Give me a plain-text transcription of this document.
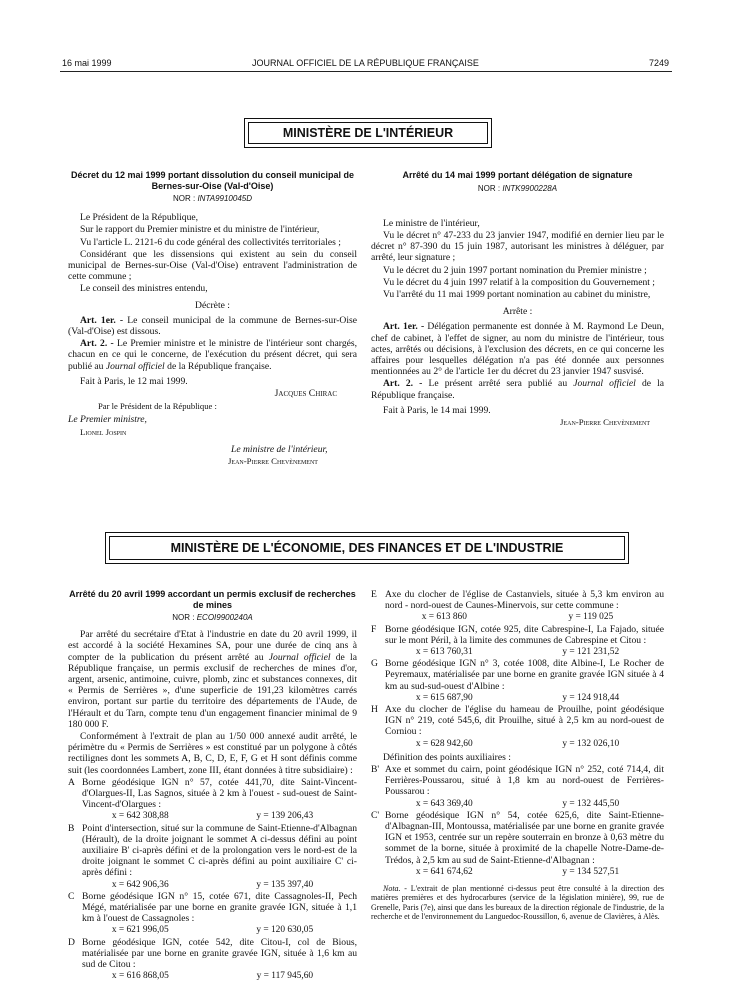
16 mai 1999	JOURNAL OFFICIEL DE LA RÉPUBLIQUE FRANÇAISE	7249
MINISTÈRE DE L'INTÉRIEUR
Décret du 12 mai 1999 portant dissolution du conseil municipal de Bernes-sur-Oise (Val-d'Oise)
NOR : INTA9910045D

Le Président de la République,

Sur le rapport du Premier ministre et du ministre de l'intérieur,

Vu l'article L. 2121-6 du code général des collectivités territoriales ;

Considérant que les dissensions qui existent au sein du conseil municipal de Bernes-sur-Oise (Val-d'Oise) entravent l'administration de cette commune ;

Le conseil des ministres entendu,

Décrète :

Art. 1er. - Le conseil municipal de la commune de Bernes-sur-Oise (Val-d'Oise) est dissous.

Art. 2. - Le Premier ministre et le ministre de l'intérieur sont chargés, chacun en ce qui le concerne, de l'exécution du présent décret, qui sera publié au Journal officiel de la République française.

Fait à Paris, le 12 mai 1999.

Jacques Chirac

Par le Président de la République :

Le Premier ministre,

Lionel Jospin

Le ministre de l'intérieur,

Jean-Pierre Chevènement

Arrêté du 14 mai 1999 portant délégation de signature
NOR : INTK9900228A

Le ministre de l'intérieur,

Vu le décret n° 47-233 du 23 janvier 1947, modifié en dernier lieu par le décret n° 87-390 du 15 juin 1987, autorisant les ministres à déléguer, par arrêté, leur signature ;

Vu le décret du 2 juin 1997 portant nomination du Premier ministre ;

Vu le décret du 4 juin 1997 relatif à la composition du Gouvernement ;

Vu l'arrêté du 11 mai 1999 portant nomination au cabinet du ministre,

Arrête :

Art. 1er. - Délégation permanente est donnée à M. Raymond Le Deun, chef de cabinet, à l'effet de signer, au nom du ministre de l'intérieur, tous actes, arrêtés ou décisions, à l'exclusion des décrets, en ce qui concerne les affaires pour lesquelles délégation n'a pas été donnée aux personnes mentionnées au 2° de l'article 1er du décret du 23 janvier 1947 susvisé.

Art. 2. - Le présent arrêté sera publié au Journal officiel de la République française.

Fait à Paris, le 14 mai 1999.

Jean-Pierre Chevènement

MINISTÈRE DE L'ÉCONOMIE, DES FINANCES ET DE L'INDUSTRIE
Arrêté du 20 avril 1999 accordant un permis exclusif de recherches de mines
NOR : ECOI9900240A

Par arrêté du secrétaire d'Etat à l'industrie en date du 20 avril 1999, il est accordé à la société Hexamines SA, pour une durée de cinq ans à compter de la publication du présent arrêté au Journal officiel de la République française, un permis exclusif de recherches de mines d'or, argent, arsenic, antimoine, cuivre, plomb, zinc et substances connexes, dit « Permis de Serrières », d'une superficie de 191,23 kilomètres carrés environ, portant sur partie du territoire des départements de l'Aude, de l'Hérault et du Tarn, compte tenu d'un engagement financier minimal de 9 180 000 F.

Conformément à l'extrait de plan au 1/50 000 annexé audit arrêté, le périmètre du « Permis de Serrières » est constitué par un polygone à côtés rectilignes dont les sommets A, B, C, D, E, F, G et H sont définis comme suit (les coordonnées Lambert, zone III, étant données à titre subsidiaire) :

A Borne géodésique IGN n° 57, cotée 441,70, dite Saint-Vincent-d'Olargues-II, Las Sagnos, située à 2 km à l'ouest - sud-ouest de Saint-Vincent-d'Olargues :
x = 642 308,88	y = 139 206,43
B Point d'intersection, situé sur la commune de Saint-Etienne-d'Albagnan (Hérault), de la droite joignant le sommet A ci-dessus défini au point auxiliaire B' ci-après défini et de la prolongation vers le nord-est de la droite joignant le sommet C ci-après défini au point auxiliaire C' ci-après défini :
x = 642 906,36	y = 135 397,40
C Borne géodésique IGN n° 15, cotée 671, dite Cassagnoles-II, Pech Mégé, matérialisée par une borne en granite gravée IGN, située à 1,1 km à l'ouest de Cassagnoles :
x = 621 996,05	y = 120 630,05
D Borne géodésique IGN, cotée 542, dite Citou-I, col de Bious, matérialisée par une borne en granite gravée IGN, située à 1,6 km au sud de Citou :
x = 616 868,05	y = 117 945,60
E Axe du clocher de l'église de Castanviels, située à 5,3 km environ au nord - nord-ouest de Caunes-Minervois, sur cette commune :
x = 613 860	y = 119 025
F Borne géodésique IGN, cotée 925, dite Cabrespine-I, La Fajado, située sur le mont Péril, à la limite des communes de Cabrespine et Citou :
x = 613 760,31	y = 121 231,52
G Borne géodésique IGN n° 3, cotée 1008, dite Albine-I, Le Rocher de Peyremaux, matérialisée par une borne en granite gravée IGN située à 4 km au sud-sud-ouest d'Albine :
x = 615 687,90	y = 124 918,44
H Axe du clocher de l'église du hameau de Prouilhe, point géodésique IGN n° 219, coté 545,6, dit Prouilhe, situé à 2,5 km au nord-ouest de Corniou :
x = 628 942,60	y = 132 026,10

Définition des points auxiliaires :

B' Axe et sommet du cairn, point géodésique IGN n° 252, coté 714,4, dit Ferrières-Poussarou, situé à 1,8 km au nord-ouest de Ferrières-Poussarou :
x = 643 369,40	y = 132 445,50
C' Borne géodésique IGN n° 54, cotée 625,6, dite Saint-Etienne-d'Albagnan-III, Montoussa, matérialisée par une borne en granite gravée IGN et 1953, centrée sur un repère souterrain en bronze à 0,63 mètre du sommet de la borne, située à proximité de la chapelle Notre-Dame-de-Trédos, à 2,5 km au sud de Saint-Etienne-d'Albagnan :
x = 641 674,62	y = 134 527,51

Nota. - L'extrait de plan mentionné ci-dessus peut être consulté à la direction des matières premières et des hydrocarbures (service de la législation minière), 99, rue de Grenelle, Paris (7e), ainsi que dans les bureaux de la direction régionale de l'industrie, de la recherche et de l'environnement du Languedoc-Roussillon, 6, avenue de Clavières, à Alès.
